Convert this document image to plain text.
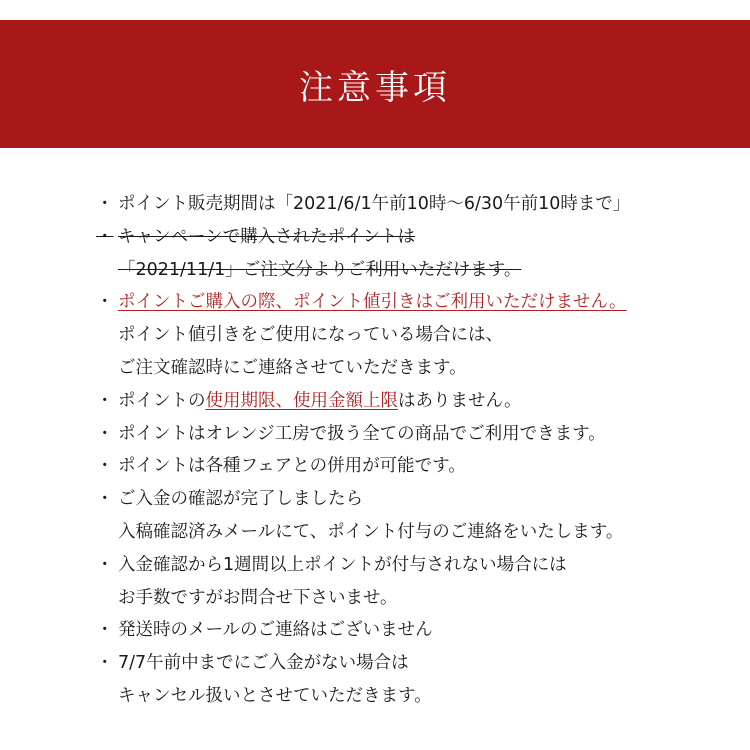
注意事項
・ ポイント販売期間は「2021/6/1午前10時～6/30午前10時まで」
・ キャンペーンで購入されたポイントは
「2021/11/1」ご注文分よりご利用いただけます。
・ ポイントご購入の際、ポイント値引きはご利用いただけません。
ポイント値引きをご使用になっている場合には、
ご注文確認時にご連絡させていただきます。
・ ポイントの 使用期限、使用金額上限 はありません。
・ ポイントはオレンジ工房で扱う全ての商品でご利用できます。
・ ポイントは各種フェアとの併用が可能です。
・ ご入金の確認が完了しましたら
入稿確認済みメールにて、ポイント付与のご連絡をいたします。
・ 入金確認から1週間以上ポイントが付与されない場合には
お手数ですがお問合せ下さいませ。
・ 発送時のメールのご連絡はございません
・ 7/7午前中までにご入金がない場合は
キャンセル扱いとさせていただきます。
